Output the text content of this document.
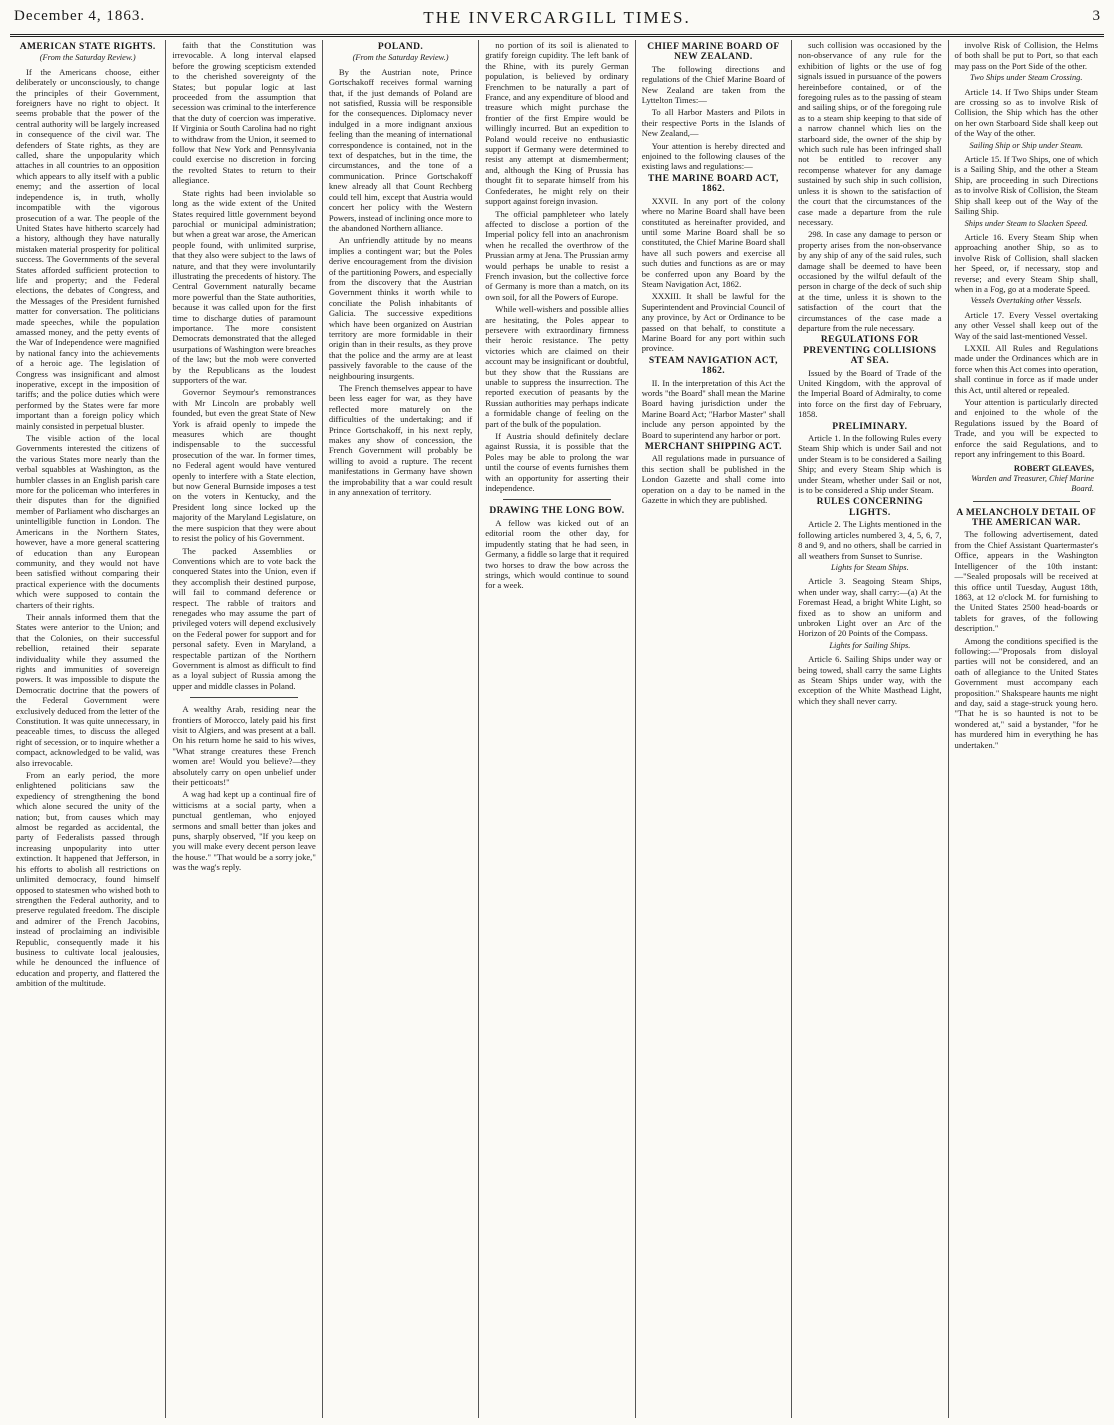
December 4, 1863.	THE INVERCARGILL TIMES.	3
AMERICAN STATE RIGHTS.
(From the Saturday Review.)

If the Americans choose, either deliberately or unconsciously, to change the principles of their Government, foreigners have no right to object. It seems probable that the power of the central authority will be largely increased in consequence of the civil war. The defenders of State rights, as they are called, share the unpopularity which attaches in all countries to an opposition which appears to ally itself with a public enemy; and the assertion of local independence is, in truth, wholly incompatible with the vigorous prosecution of a war. The people of the United States have hitherto scarcely had a history, although they have naturally mistaken material prosperity for political success. The Governments of the several States afforded sufficient protection to life and property; and the Federal elections, the debates of Congress, and the Messages of the President furnished matter for conversation. The politicians made speeches, while the population amassed money, and the petty events of the War of Independence were magnified by national fancy into the achievements of a heroic age. The legislation of Congress was insignificant and almost inoperative, except in the imposition of tariffs; and the police duties which were performed by the States were far more important than a foreign policy which mainly consisted in perpetual bluster.

The visible action of the local Governments interested the citizens of the various States more nearly than the verbal squabbles at Washington, as the humbler classes in an English parish care more for the policeman who interferes in their disputes than for the dignified member of Parliament who discharges an unintelligible function in London. The Americans in the Northern States, however, have a more general scattering of education than any European community, and they would not have been satisfied without comparing their practical experience with the documents which were supposed to contain the charters of their rights.

Their annals informed them that the States were anterior to the Union; and that the Colonies, on their successful rebellion, retained their separate individuality while they assumed the rights and immunities of sovereign powers. It was impossible to dispute the Democratic doctrine that the powers of the Federal Government were exclusively deduced from the letter of the Constitution. It was quite unnecessary, in peaceable times, to discuss the alleged right of secession, or to inquire whether a compact, acknowledged to be valid, was also irrevocable.

From an early period, the more enlightened politicians saw the expediency of strengthening the bond which alone secured the unity of the nation; but, from causes which may almost be regarded as accidental, the party of Federalists passed through increasing unpopularity into utter extinction. It happened that Jefferson, in his efforts to abolish all restrictions on unlimited democracy, found himself opposed to statesmen who wished both to strengthen the Federal authority, and to preserve regulated freedom. The disciple and admirer of the French Jacobins, instead of proclaiming an indivisible Republic, consequently made it his business to cultivate local jealousies, while he denounced the influence of education and property, and flattered the ambition of the multitude.

faith that the Constitution was irrevocable. A long interval elapsed before the growing scepticism extended to the cherished sovereignty of the States; but popular logic at last proceeded from the assumption that secession was criminal to the interference that the duty of coercion was imperative. If Virginia or South Carolina had no right to withdraw from the Union, it seemed to follow that New York and Pennsylvania could exercise no discretion in forcing the revolted States to return to their allegiance.

State rights had been inviolable so long as the wide extent of the United States required little government beyond parochial or municipal administration; but when a great war arose, the American people found, with unlimited surprise, that they also were subject to the laws of nature, and that they were involuntarily illustrating the precedents of history. The Central Government naturally became more powerful than the State authorities, because it was called upon for the first time to discharge duties of paramount importance. The more consistent Democrats demonstrated that the alleged usurpations of Washington were breaches of the law; but the mob were converted by the Republicans as the loudest supporters of the war.

Governor Seymour's remonstrances with Mr Lincoln are probably well founded, but even the great State of New York is afraid openly to impede the measures which are thought indispensable to the successful prosecution of the war. In former times, no Federal agent would have ventured openly to interfere with a State election, but now General Burnside imposes a test on the voters in Kentucky, and the President long since locked up the majority of the Maryland Legislature, on the mere suspicion that they were about to resist the policy of his Government.

The packed Assemblies or Conventions which are to vote back the conquered States into the Union, even if they accomplish their destined purpose, will fail to command deference or respect. The rabble of traitors and renegades who may assume the part of privileged voters will depend exclusively on the Federal power for support and for personal safety. Even in Maryland, a respectable partizan of the Northern Government is almost as difficult to find as a loyal subject of Russia among the upper and middle classes in Poland.

A wealthy Arab, residing near the frontiers of Morocco, lately paid his first visit to Algiers, and was present at a ball. On his return home he said to his wives, "What strange creatures these French women are! Would you believe?—they absolutely carry on open unbelief under their petticoats!"

A wag had kept up a continual fire of witticisms at a social party, when a punctual gentleman, who enjoyed sermons and small better than jokes and puns, sharply observed, "If you keep on you will make every decent person leave the house." "That would be a sorry joke," was the wag's reply.

POLAND.
(From the Saturday Review.)

By the Austrian note, Prince Gortschakoff receives formal warning that, if the just demands of Poland are not satisfied, Russia will be responsible for the consequences. Diplomacy never indulged in a more indignant anxious feeling than the meaning of international correspondence is contained, not in the text of despatches, but in the time, the circumstances, and the tone of a communication. Prince Gortschakoff knew already all that Count Rechberg could tell him, except that Austria would concert her policy with the Western Powers, instead of inclining once more to the abandoned Northern alliance.

An unfriendly attitude by no means implies a contingent war; but the Poles derive encouragement from the division of the partitioning Powers, and especially from the discovery that the Austrian Government thinks it worth while to conciliate the Polish inhabitants of Galicia. The successive expeditions which have been organized on Austrian territory are more formidable in their origin than in their results, as they prove that the police and the army are at least passively favorable to the cause of the neighbouring insurgents.

The French themselves appear to have been less eager for war, as they have reflected more maturely on the difficulties of the undertaking; and if Prince Gortschakoff, in his next reply, makes any show of concession, the French Government will probably be willing to avoid a rupture. The recent manifestations in Germany have shown the improbability that a war could result in any annexation of territory.

no portion of its soil is alienated to gratify foreign cupidity. The left bank of the Rhine, with its purely German population, is believed by ordinary Frenchmen to be naturally a part of France, and any expenditure of blood and treasure which might purchase the frontier of the first Empire would be willingly incurred. But an expedition to Poland would receive no enthusiastic support if Germany were determined to resist any attempt at dismemberment; and, although the King of Prussia has thought fit to separate himself from his Confederates, he might rely on their support against foreign invasion.

The official pamphleteer who lately affected to disclose a portion of the Imperial policy fell into an anachronism when he recalled the overthrow of the Prussian army at Jena. The Prussian army would perhaps be unable to resist a French invasion, but the collective force of Germany is more than a match, on its own soil, for all the Powers of Europe.

While well-wishers and possible allies are hesitating, the Poles appear to persevere with extraordinary firmness their heroic resistance. The petty victories which are claimed on their account may be insignificant or doubtful, but they show that the Russians are unable to suppress the insurrection. The reported execution of peasants by the Russian authorities may perhaps indicate a formidable change of feeling on the part of the bulk of the population.

If Austria should definitely declare against Russia, it is possible that the Poles may be able to prolong the war until the course of events furnishes them with an opportunity for asserting their independence.

DRAWING THE LONG BOW.

A fellow was kicked out of an editorial room the other day, for impudently stating that he had seen, in Germany, a fiddle so large that it required two horses to draw the bow across the strings, which would continue to sound for a week.

CHIEF MARINE BOARD OF NEW ZEALAND.

The following directions and regulations of the Chief Marine Board of New Zealand are taken from the Lyttelton Times:—

To all Harbor Masters and Pilots in their respective Ports in the Islands of New Zealand,—

Your attention is hereby directed and enjoined to the following clauses of the existing laws and regulations:—

THE MARINE BOARD ACT, 1862.

XXVII. In any port of the colony where no Marine Board shall have been constituted as hereinafter provided, and until some Marine Board shall be so constituted, the Chief Marine Board shall have all such powers and exercise all such duties and functions as are or may be conferred upon any Board by the Steam Navigation Act, 1862.

XXXIII. It shall be lawful for the Superintendent and Provincial Council of any province, by Act or Ordinance to be passed on that behalf, to constitute a Marine Board for any port within such province.

STEAM NAVIGATION ACT, 1862.

II. In the interpretation of this Act the words "the Board" shall mean the Marine Board having jurisdiction under the Marine Board Act; "Harbor Master" shall include any person appointed by the Board to superintend any harbor or port.

MERCHANT SHIPPING ACT.

All regulations made in pursuance of this section shall be published in the London Gazette and shall come into operation on a day to be named in the Gazette in which they are published.

such collision was occasioned by the non-observance of any rule for the exhibition of lights or the use of fog signals issued in pursuance of the powers hereinbefore contained, or of the foregoing rules as to the passing of steam and sailing ships, or of the foregoing rule as to a steam ship keeping to that side of a narrow channel which lies on the starboard side, the owner of the ship by which such rule has been infringed shall not be entitled to recover any recompense whatever for any damage sustained by such ship in such collision, unless it is shown to the satisfaction of the court that the circumstances of the case made a departure from the rule necessary.

298. In case any damage to person or property arises from the non-observance by any ship of any of the said rules, such damage shall be deemed to have been occasioned by the wilful default of the person in charge of the deck of such ship at the time, unless it is shown to the satisfaction of the court that the circumstances of the case made a departure from the rule necessary.

REGULATIONS FOR PREVENTING COLLISIONS AT SEA.

Issued by the Board of Trade of the United Kingdom, with the approval of the Imperial Board of Admiralty, to come into force on the first day of February, 1858.

PRELIMINARY.

Article 1. In the following Rules every Steam Ship which is under Sail and not under Steam is to be considered a Sailing Ship; and every Steam Ship which is under Steam, whether under Sail or not, is to be considered a Ship under Steam.

RULES CONCERNING LIGHTS.

Article 2. The Lights mentioned in the following articles numbered 3, 4, 5, 6, 7, 8 and 9, and no others, shall be carried in all weathers from Sunset to Sunrise.

Lights for Steam Ships.

Article 3. Seagoing Steam Ships, when under way, shall carry:—(a) At the Foremast Head, a bright White Light, so fixed as to show an uniform and unbroken Light over an Arc of the Horizon of 20 Points of the Compass.

Lights for Sailing Ships.

Article 6. Sailing Ships under way or being towed, shall carry the same Lights as Steam Ships under way, with the exception of the White Masthead Light, which they shall never carry.

involve Risk of Collision, the Helms of both shall be put to Port, so that each may pass on the Port Side of the other.

Two Ships under Steam Crossing.

Article 14. If Two Ships under Steam are crossing so as to involve Risk of Collision, the Ship which has the other on her own Starboard Side shall keep out of the Way of the other.

Sailing Ship or Ship under Steam.

Article 15. If Two Ships, one of which is a Sailing Ship, and the other a Steam Ship, are proceeding in such Directions as to involve Risk of Collision, the Steam Ship shall keep out of the Way of the Sailing Ship.

Ships under Steam to Slacken Speed.

Article 16. Every Steam Ship when approaching another Ship, so as to involve Risk of Collision, shall slacken her Speed, or, if necessary, stop and reverse; and every Steam Ship shall, when in a Fog, go at a moderate Speed.

Vessels Overtaking other Vessels.

Article 17. Every Vessel overtaking any other Vessel shall keep out of the Way of the said last-mentioned Vessel.

LXXII. All Rules and Regulations made under the Ordinances which are in force when this Act comes into operation, shall continue in force as if made under this Act, until altered or repealed.

Your attention is particularly directed and enjoined to the whole of the Regulations issued by the Board of Trade, and you will be expected to enforce the said Regulations, and to report any infringement to this Board.

ROBERT GLEAVES,
Warden and Treasurer, Chief Marine Board.
A MELANCHOLY DETAIL OF THE AMERICAN WAR.

The following advertisement, dated from the Chief Assistant Quartermaster's Office, appears in the Washington Intelligencer of the 10th instant:—"Sealed proposals will be received at this office until Tuesday, August 18th, 1863, at 12 o'clock M. for furnishing to the United States 2500 head-boards or tablets for graves, of the following description."

Among the conditions specified is the following:—"Proposals from disloyal parties will not be considered, and an oath of allegiance to the United States Government must accompany each proposition." Shakspeare haunts me night and day, said a stage-struck young hero. "That he is so haunted is not to be wondered at," said a bystander, "for he has murdered him in everything he has undertaken."
